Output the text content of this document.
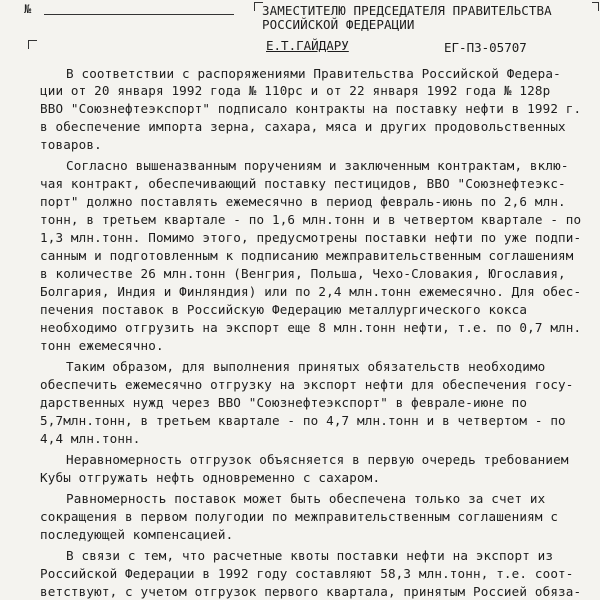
№	ЗАМЕСТИТЕЛЮ ПРЕДСЕДАТЕЛЯ ПРАВИТЕЛЬСТВА
РОССИЙСКОЙ ФЕДЕРАЦИИ
Е.Т.ГАЙДАРУ	ЕГ-ПЗ-05707
В соответствии с распоряжениями Правительства Российской Федера-
ции от 20 января 1992 года № 110рс и от 22 января 1992 года № 128р
ВВО "Союзнефтеэкспорт" подписало контракты на поставку нефти в 1992 г.
в обеспечение импорта зерна, сахара, мяса и других продовольственных
товаров.
Согласно вышеназванным поручениям и заключенным контрактам, вклю-
чая контракт, обеспечивающий поставку пестицидов, ВВО "Союзнефтеэкс-
порт" должно поставлять ежемесячно в период февраль-июнь по 2,6 млн.
тонн, в третьем квартале - по 1,6 млн.тонн и в четвертом квартале - по
1,3 млн.тонн. Помимо этого, предусмотрены поставки нефти по уже подпи-
санным и подготовленным к подписанию межправительственным соглашениям
в количестве 26 млн.тонн (Венгрия, Польша, Чехо-Словакия, Югославия,
Болгария, Индия и Финляндия) или по 2,4 млн.тонн ежемесячно. Для обес-
печения поставок в Российскую Федерацию металлургического кокса
необходимо отгрузить на экспорт еще 8 млн.тонн нефти, т.е. по 0,7 млн.
тонн ежемесячно.
Таким образом, для выполнения принятых обязательств необходимо
обеспечить ежемесячно отгрузку на экспорт нефти для обеспечения госу-
дарственных нужд через ВВО "Союзнефтеэкспорт" в феврале-июне по
5,7млн.тонн, в третьем квартале - по 4,7 млн.тонн и в четвертом - по
4,4 млн.тонн.
Неравномерность отгрузок объясняется в первую очередь требованием
Кубы отгружать нефть одновременно с сахаром.
Равномерность поставок может быть обеспечена только за счет их
сокращения в первом полугодии по межправительственным соглашениям с
последующей компенсацией.
В связи с тем, что расчетные квоты поставки нефти на экспорт из
Российской Федерации в 1992 году составляют 58,3 млн.тонн, т.е. соот-
ветствуют, с учетом отгрузок первого квартала, принятым Россией обяза-
